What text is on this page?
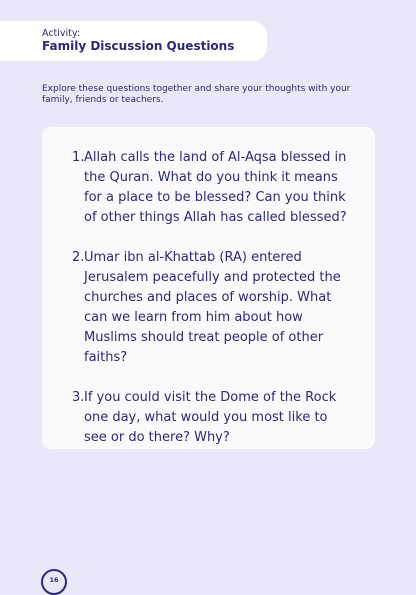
Activity:
Family Discussion Questions
Explore these questions together and share your thoughts with your family, friends or teachers.
1. Allah calls the land of Al-Aqsa blessed in the Quran. What do you think it means for a place to be blessed? Can you think of other things Allah has called blessed?
2. Umar ibn al-Khattab (RA) entered Jerusalem peacefully and protected the churches and places of worship. What can we learn from him about how Muslims should treat people of other faiths?
3. If you could visit the Dome of the Rock one day, what would you most like to see or do there? Why?
16
